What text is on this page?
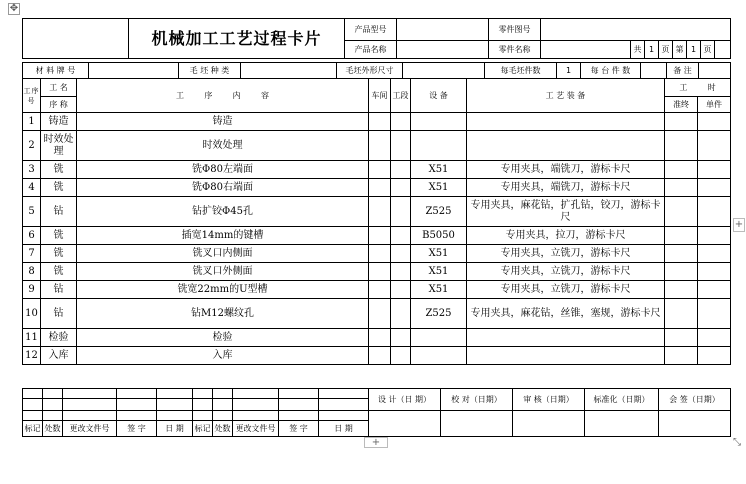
✥
	机械加工工艺过程卡片	产品型号		零件图号								
		产品名称		零件名称		共	1	页	第	1	页	
材 料 牌 号		毛 坯 种 类		毛坯外形尺寸		每毛坯件数	1	每 台 件 数		备 注	
工序号	工 名	工        序        内        容	车间	工段	设 备	工 艺 装 备	工        时	
	序 称						准终	单件
1	铸造	铸造						
2	时效处理	时效处理						
3	铣	铣Φ80左端面			X51	专用夹具，端铣刀，游标卡尺		
4	铣	铣Φ80右端面			X51	专用夹具，端铣刀，游标卡尺		
5	钻	钻扩铰Φ45孔			Z525	专用夹具，麻花钻，扩孔钻，铰刀，游标卡尺		
6	铣	插宽14mm的键槽			B5050	专用夹具，拉刀，游标卡尺		
7	铣	铣叉口内侧面			X51	专用夹具，立铣刀，游标卡尺		
8	铣	铣叉口外侧面			X51	专用夹具，立铣刀，游标卡尺		
9	钻	铣宽22mm的U型槽			X51	专用夹具，立铣刀，游标卡尺		
10	钻	钻M12螺纹孔			Z525	专用夹具，麻花钻，丝锥，塞规，游标卡尺		
11	检验	检验						
12	入库	入库						
										设 计（日 期）	校 对（日期）	审 核（日期）	标准化（日期）	会 签（日期）

标记	处数	更改文件号	签 字	日 期	标记	处数	更改文件号	签 字	日 期					
+
+	⤡
